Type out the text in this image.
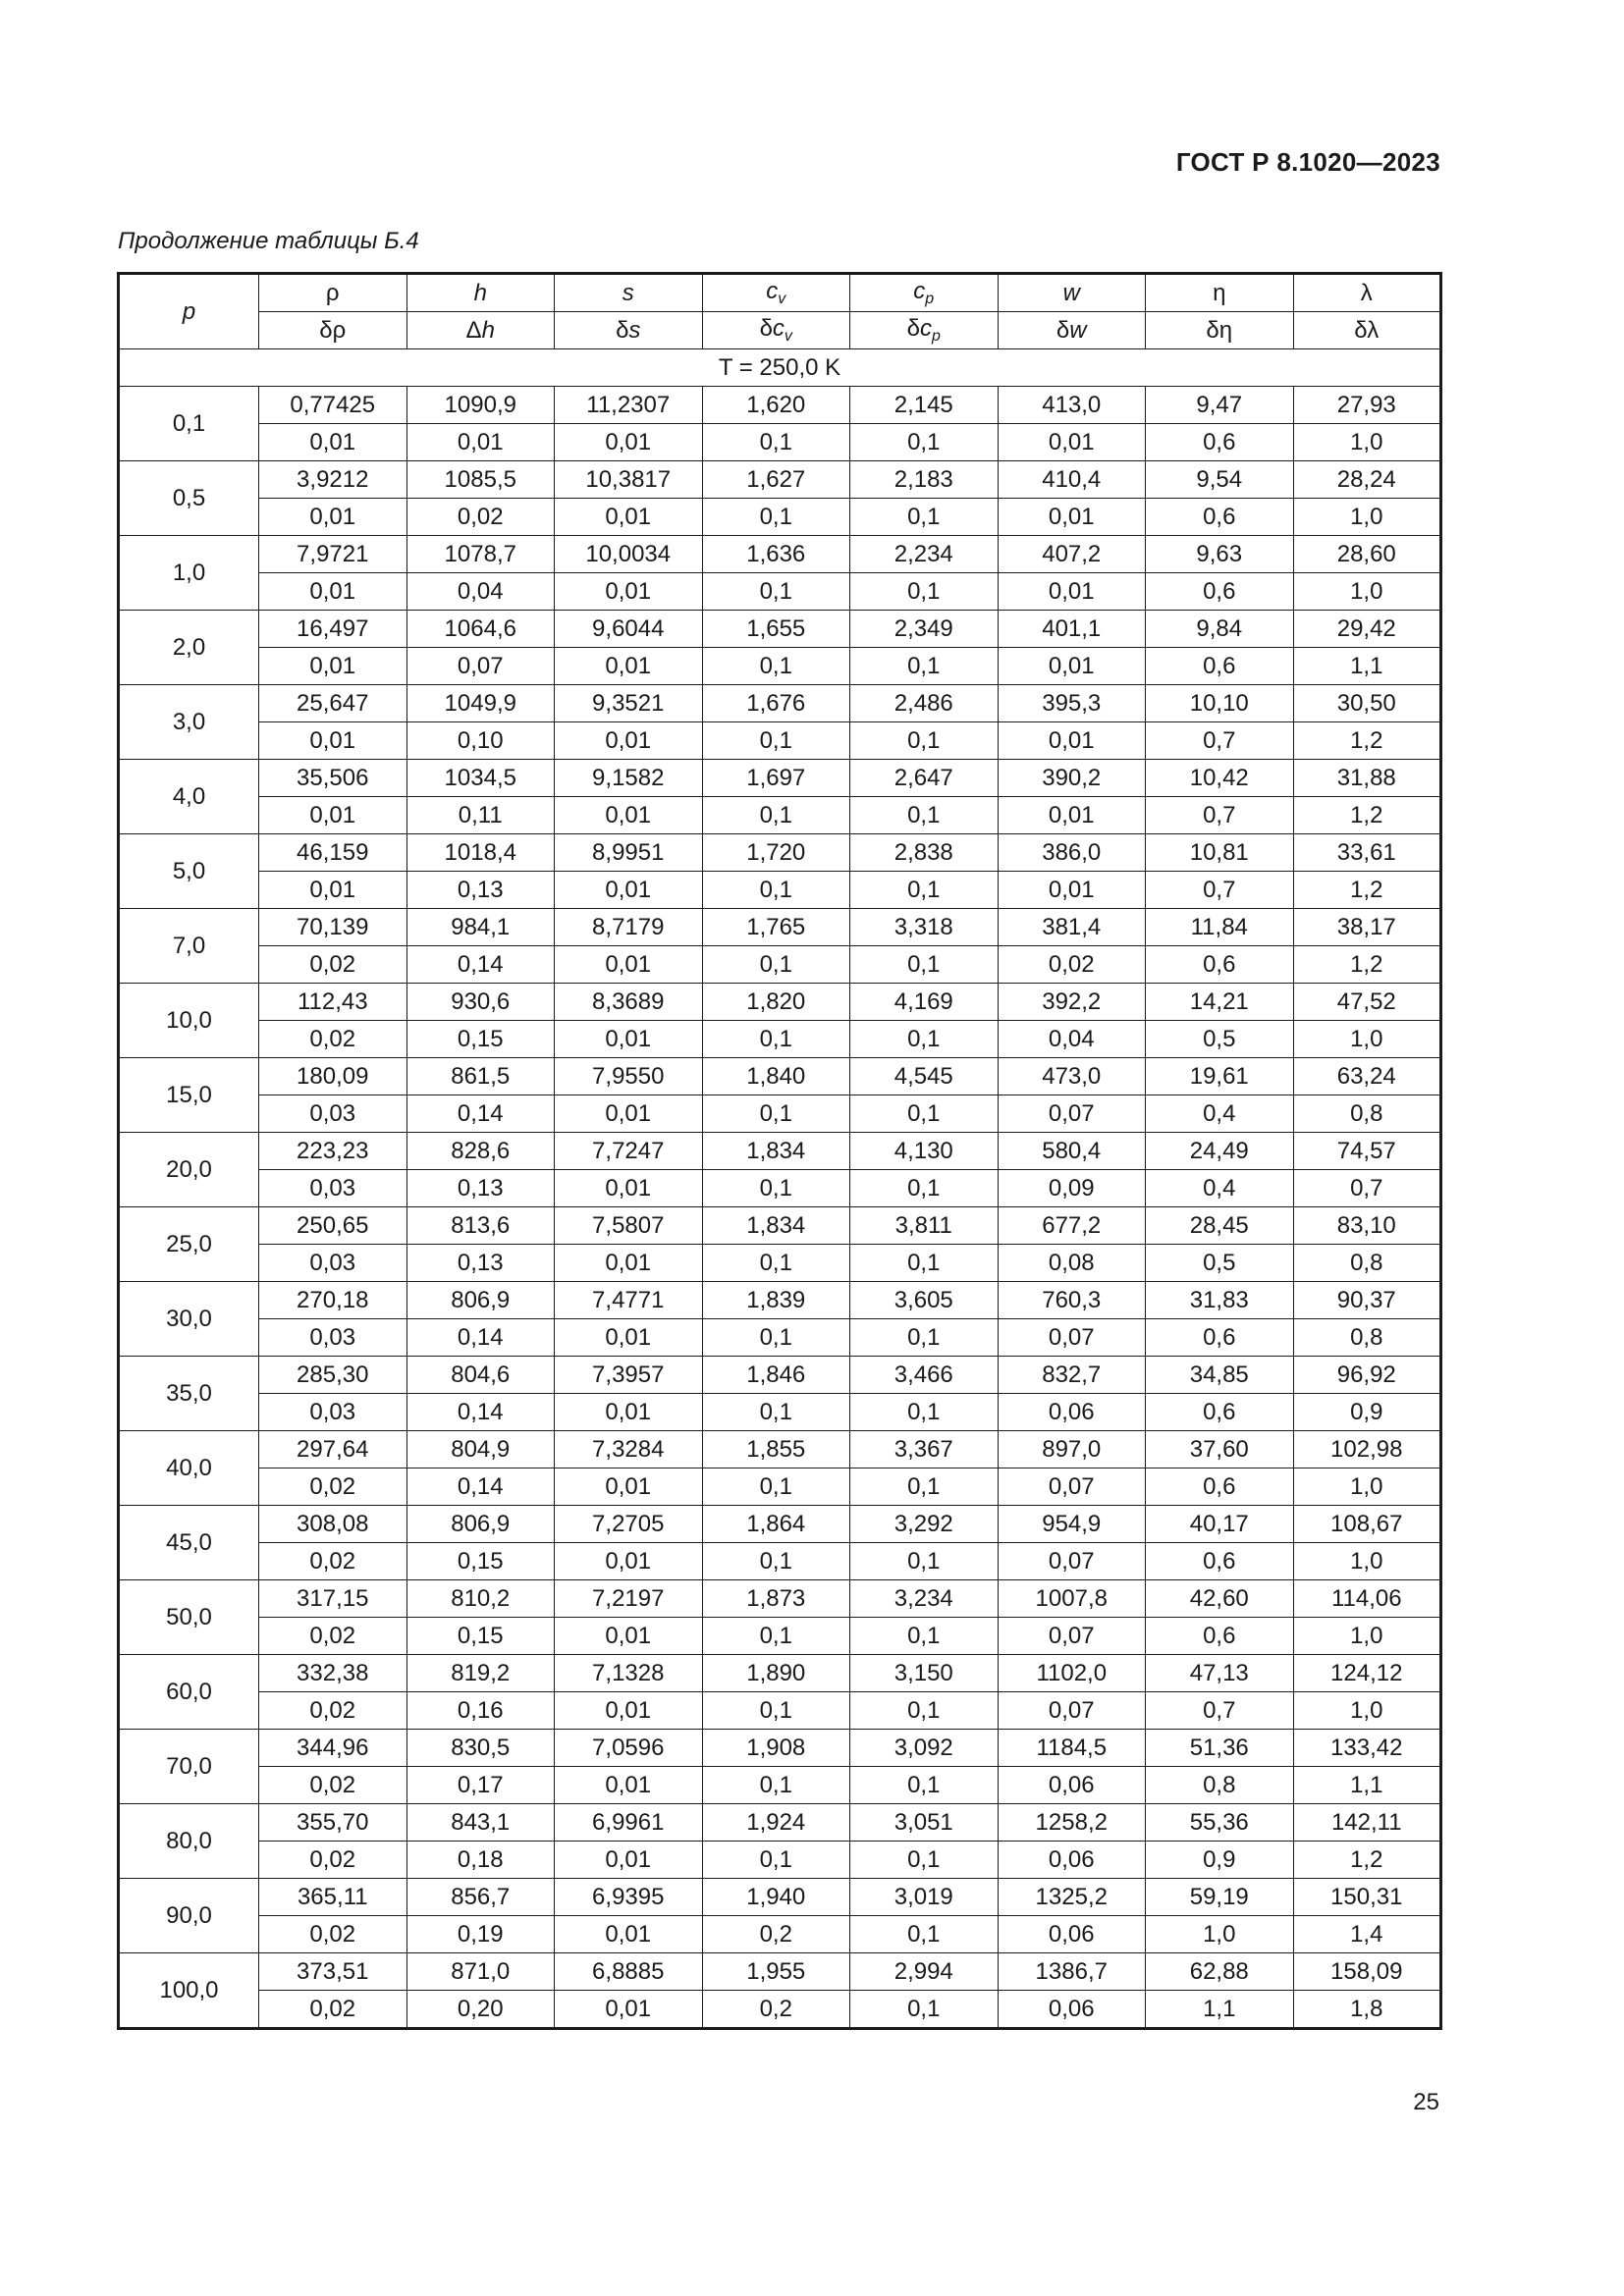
ГОСТ Р 8.1020—2023
Продолжение таблицы Б.4
p	ρ	h	s	$c_v$	$c_p$	w	η	λ
	δρ	Δh	δs	$\delta c_v$	$\delta c_p$	δw	δη	δλ
T = 250,0 K								
0,1	0,77425	1090,9	11,2307	1,620	2,145	413,0	9,47	27,93
	0,01	0,01	0,01	0,1	0,1	0,01	0,6	1,0
0,5	3,9212	1085,5	10,3817	1,627	2,183	410,4	9,54	28,24
	0,01	0,02	0,01	0,1	0,1	0,01	0,6	1,0
1,0	7,9721	1078,7	10,0034	1,636	2,234	407,2	9,63	28,60
	0,01	0,04	0,01	0,1	0,1	0,01	0,6	1,0
2,0	16,497	1064,6	9,6044	1,655	2,349	401,1	9,84	29,42
	0,01	0,07	0,01	0,1	0,1	0,01	0,6	1,1
3,0	25,647	1049,9	9,3521	1,676	2,486	395,3	10,10	30,50
	0,01	0,10	0,01	0,1	0,1	0,01	0,7	1,2
4,0	35,506	1034,5	9,1582	1,697	2,647	390,2	10,42	31,88
	0,01	0,11	0,01	0,1	0,1	0,01	0,7	1,2
5,0	46,159	1018,4	8,9951	1,720	2,838	386,0	10,81	33,61
	0,01	0,13	0,01	0,1	0,1	0,01	0,7	1,2
7,0	70,139	984,1	8,7179	1,765	3,318	381,4	11,84	38,17
	0,02	0,14	0,01	0,1	0,1	0,02	0,6	1,2
10,0	112,43	930,6	8,3689	1,820	4,169	392,2	14,21	47,52
	0,02	0,15	0,01	0,1	0,1	0,04	0,5	1,0
15,0	180,09	861,5	7,9550	1,840	4,545	473,0	19,61	63,24
	0,03	0,14	0,01	0,1	0,1	0,07	0,4	0,8
20,0	223,23	828,6	7,7247	1,834	4,130	580,4	24,49	74,57
	0,03	0,13	0,01	0,1	0,1	0,09	0,4	0,7
25,0	250,65	813,6	7,5807	1,834	3,811	677,2	28,45	83,10
	0,03	0,13	0,01	0,1	0,1	0,08	0,5	0,8
30,0	270,18	806,9	7,4771	1,839	3,605	760,3	31,83	90,37
	0,03	0,14	0,01	0,1	0,1	0,07	0,6	0,8
35,0	285,30	804,6	7,3957	1,846	3,466	832,7	34,85	96,92
	0,03	0,14	0,01	0,1	0,1	0,06	0,6	0,9
40,0	297,64	804,9	7,3284	1,855	3,367	897,0	37,60	102,98
	0,02	0,14	0,01	0,1	0,1	0,07	0,6	1,0
45,0	308,08	806,9	7,2705	1,864	3,292	954,9	40,17	108,67
	0,02	0,15	0,01	0,1	0,1	0,07	0,6	1,0
50,0	317,15	810,2	7,2197	1,873	3,234	1007,8	42,60	114,06
	0,02	0,15	0,01	0,1	0,1	0,07	0,6	1,0
60,0	332,38	819,2	7,1328	1,890	3,150	1102,0	47,13	124,12
	0,02	0,16	0,01	0,1	0,1	0,07	0,7	1,0
70,0	344,96	830,5	7,0596	1,908	3,092	1184,5	51,36	133,42
	0,02	0,17	0,01	0,1	0,1	0,06	0,8	1,1
80,0	355,70	843,1	6,9961	1,924	3,051	1258,2	55,36	142,11
	0,02	0,18	0,01	0,1	0,1	0,06	0,9	1,2
90,0	365,11	856,7	6,9395	1,940	3,019	1325,2	59,19	150,31
	0,02	0,19	0,01	0,2	0,1	0,06	1,0	1,4
100,0	373,51	871,0	6,8885	1,955	2,994	1386,7	62,88	158,09
	0,02	0,20	0,01	0,2	0,1	0,06	1,1	1,8
25
